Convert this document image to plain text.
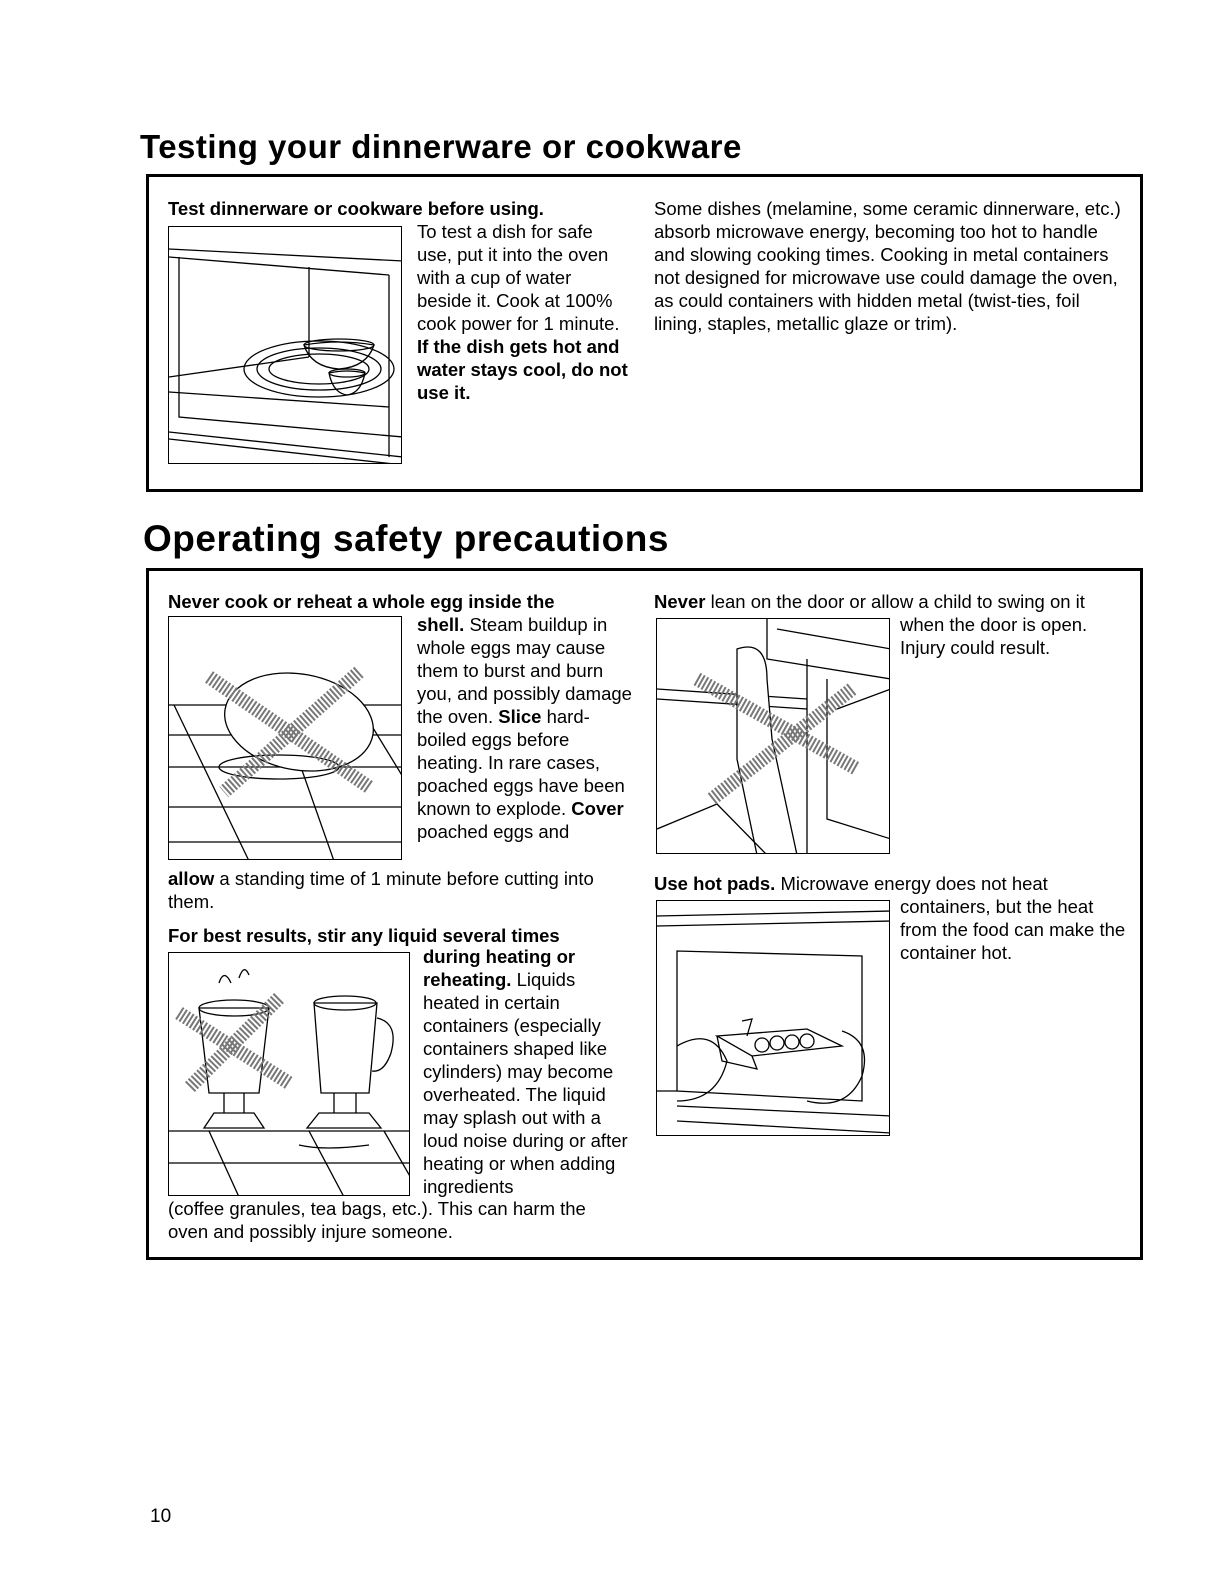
Testing your dinnerware or cookware
Test dinnerware or cookware before using.
To test a dish for safe use, put it into the oven with a cup of water beside it. Cook at 100% cook power for 1 minute. If the dish gets hot and water stays cool, do not use it.
Some dishes (melamine, some ceramic dinnerware, etc.) absorb microwave energy, becoming too hot to handle and slowing cooking times. Cooking in metal containers not designed for microwave use could damage the oven, as could containers with hidden metal (twist-ties, foil lining, staples, metallic glaze or trim).
Operating safety precautions
Never cook or reheat a whole egg inside the
shell. Steam buildup in whole eggs may cause them to burst and burn you, and possibly damage the oven. Slice hard-boiled eggs before heating. In rare cases, poached eggs have been known to explode. Cover poached eggs and
allow a standing time of 1 minute before cutting into them.
For best results, stir any liquid several times
during heating or reheating. Liquids heated in certain containers (especially containers shaped like cylinders) may become overheated. The liquid may splash out with a loud noise during or after heating or when adding ingredients
(coffee granules, tea bags, etc.). This can harm the oven and possibly injure someone.
Never lean on the door or allow a child to swing on it
when the door is open. Injury could result.
Use hot pads. Microwave energy does not heat
containers, but the heat from the food can make the container hot.
10
